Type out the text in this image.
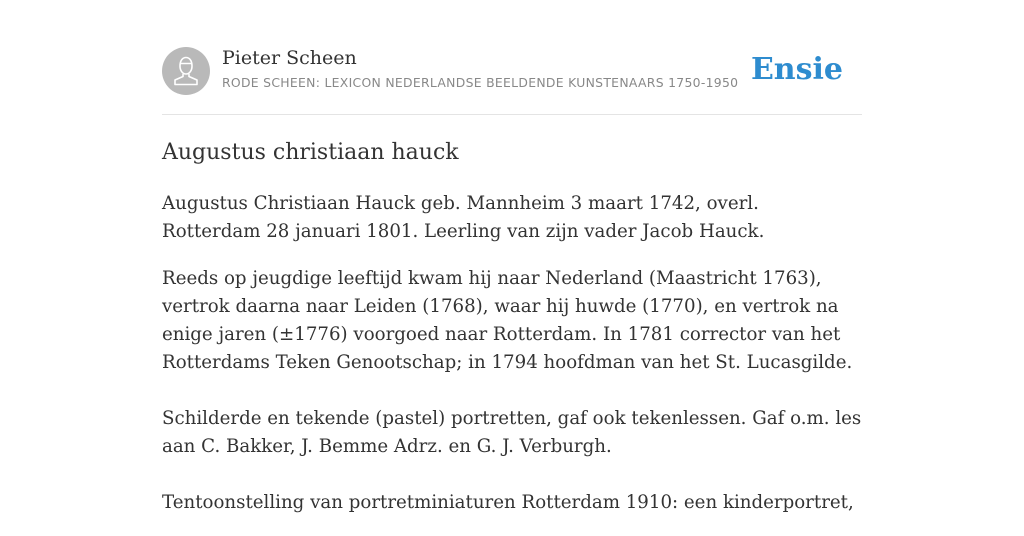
Pieter Scheen
RODE SCHEEN: LEXICON NEDERLANDSE BEELDENDE KUNSTENAARS 1750-1950 Ensie
Augustus christiaan hauck

Augustus Christiaan Hauck geb. Mannheim 3 maart 1742, overl. Rotterdam 28 januari 1801. Leerling van zijn vader Jacob Hauck.

Reeds op jeugdige leeftijd kwam hij naar Nederland (Maastricht 1763), vertrok daarna naar Leiden (1768), waar hij huwde (1770), en vertrok na enige jaren (±1776) voorgoed naar Rotterdam. In 1781 corrector van het Rotterdams Teken Genootschap; in 1794 hoofdman van het St. Lucasgilde.

Schilderde en tekende (pastel) portretten, gaf ook tekenlessen. Gaf o.m. les aan C. Bakker, J. Bemme Adrz. en G. J. Verburgh.

Tentoonstelling van portretminiaturen Rotterdam 1910: een kinderportret,
